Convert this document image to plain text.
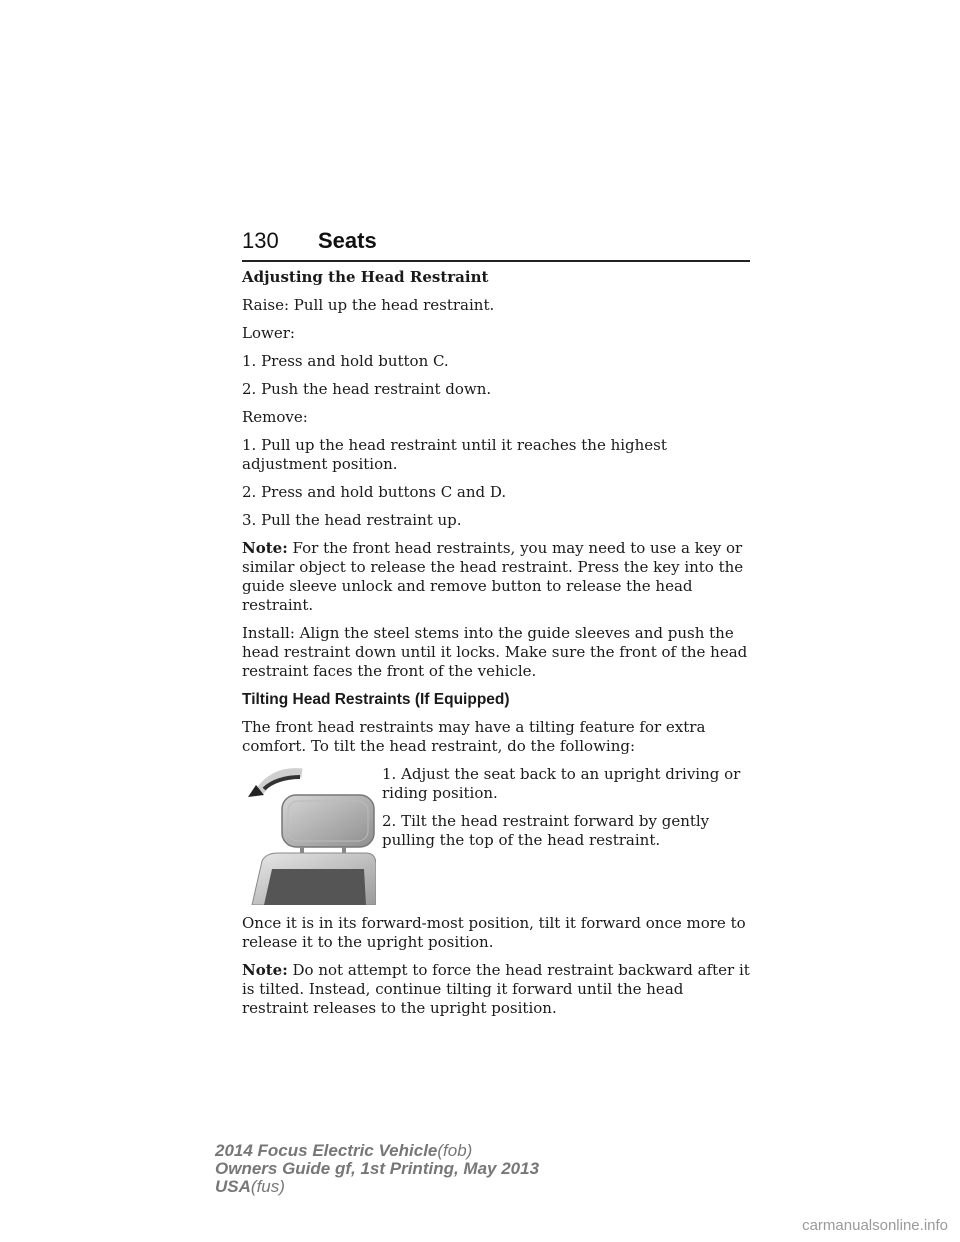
130 Seats
Adjusting the Head Restraint

Raise: Pull up the head restraint.

Lower:

1. Press and hold button C.

2. Push the head restraint down.

Remove:

1. Pull up the head restraint until it reaches the highest adjustment position.

2. Press and hold buttons C and D.

3. Pull the head restraint up.

Note: For the front head restraints, you may need to use a key or similar object to release the head restraint. Press the key into the guide sleeve unlock and remove button to release the head restraint.

Install: Align the steel stems into the guide sleeves and push the head restraint down until it locks. Make sure the front of the head restraint faces the front of the vehicle.

Tilting Head Restraints (If Equipped)

The front head restraints may have a tilting feature for extra comfort. To tilt the head restraint, do the following:

1. Adjust the seat back to an upright driving or riding position.

2. Tilt the head restraint forward by gently pulling the top of the head restraint.

Once it is in its forward-most position, tilt it forward once more to release it to the upright position.

Note: Do not attempt to force the head restraint backward after it is tilted. Instead, continue tilting it forward until the head restraint releases to the upright position.

2014 Focus Electric Vehicle(fob)
Owners Guide gf, 1st Printing, May 2013
USA(fus)
carmanualsonline.info
